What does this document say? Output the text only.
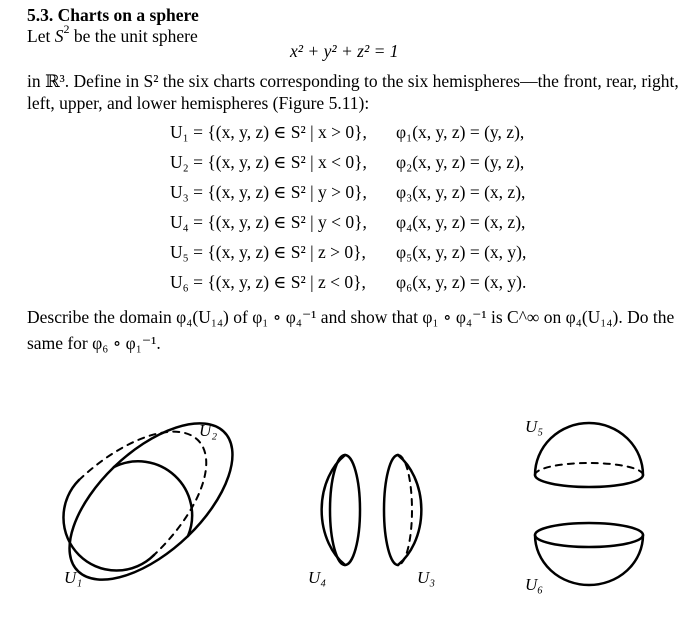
5.3. Charts on a sphere
Let $S^2$ be the unit sphere
x² + y² + z² = 1
in ℝ³. Define in S² the six charts corresponding to the six hemispheres—the front, rear, right,
left, upper, and lower hemispheres (Figure 5.11):
U₁ = {(x, y, z) ∈ S² | x > 0}, φ₁(x, y, z) = (y, z),
U₂ = {(x, y, z) ∈ S² | x < 0}, φ₂(x, y, z) = (y, z),
U₃ = {(x, y, z) ∈ S² | y > 0}, φ₃(x, y, z) = (x, z),
U₄ = {(x, y, z) ∈ S² | y < 0}, φ₄(x, y, z) = (x, z),
U₅ = {(x, y, z) ∈ S² | z > 0}, φ₅(x, y, z) = (x, y),
U₆ = {(x, y, z) ∈ S² | z < 0}, φ₆(x, y, z) = (x, y).
Describe the domain φ₄(U₁₄) of φ₁ ∘ φ₄⁻¹ and show that φ₁ ∘ φ₄⁻¹ is C^∞ on φ₄(U₁₄). Do the
same for φ₆ ∘ φ₁⁻¹.
U₂
U₁	U₄	U₃
U₅
U₆
